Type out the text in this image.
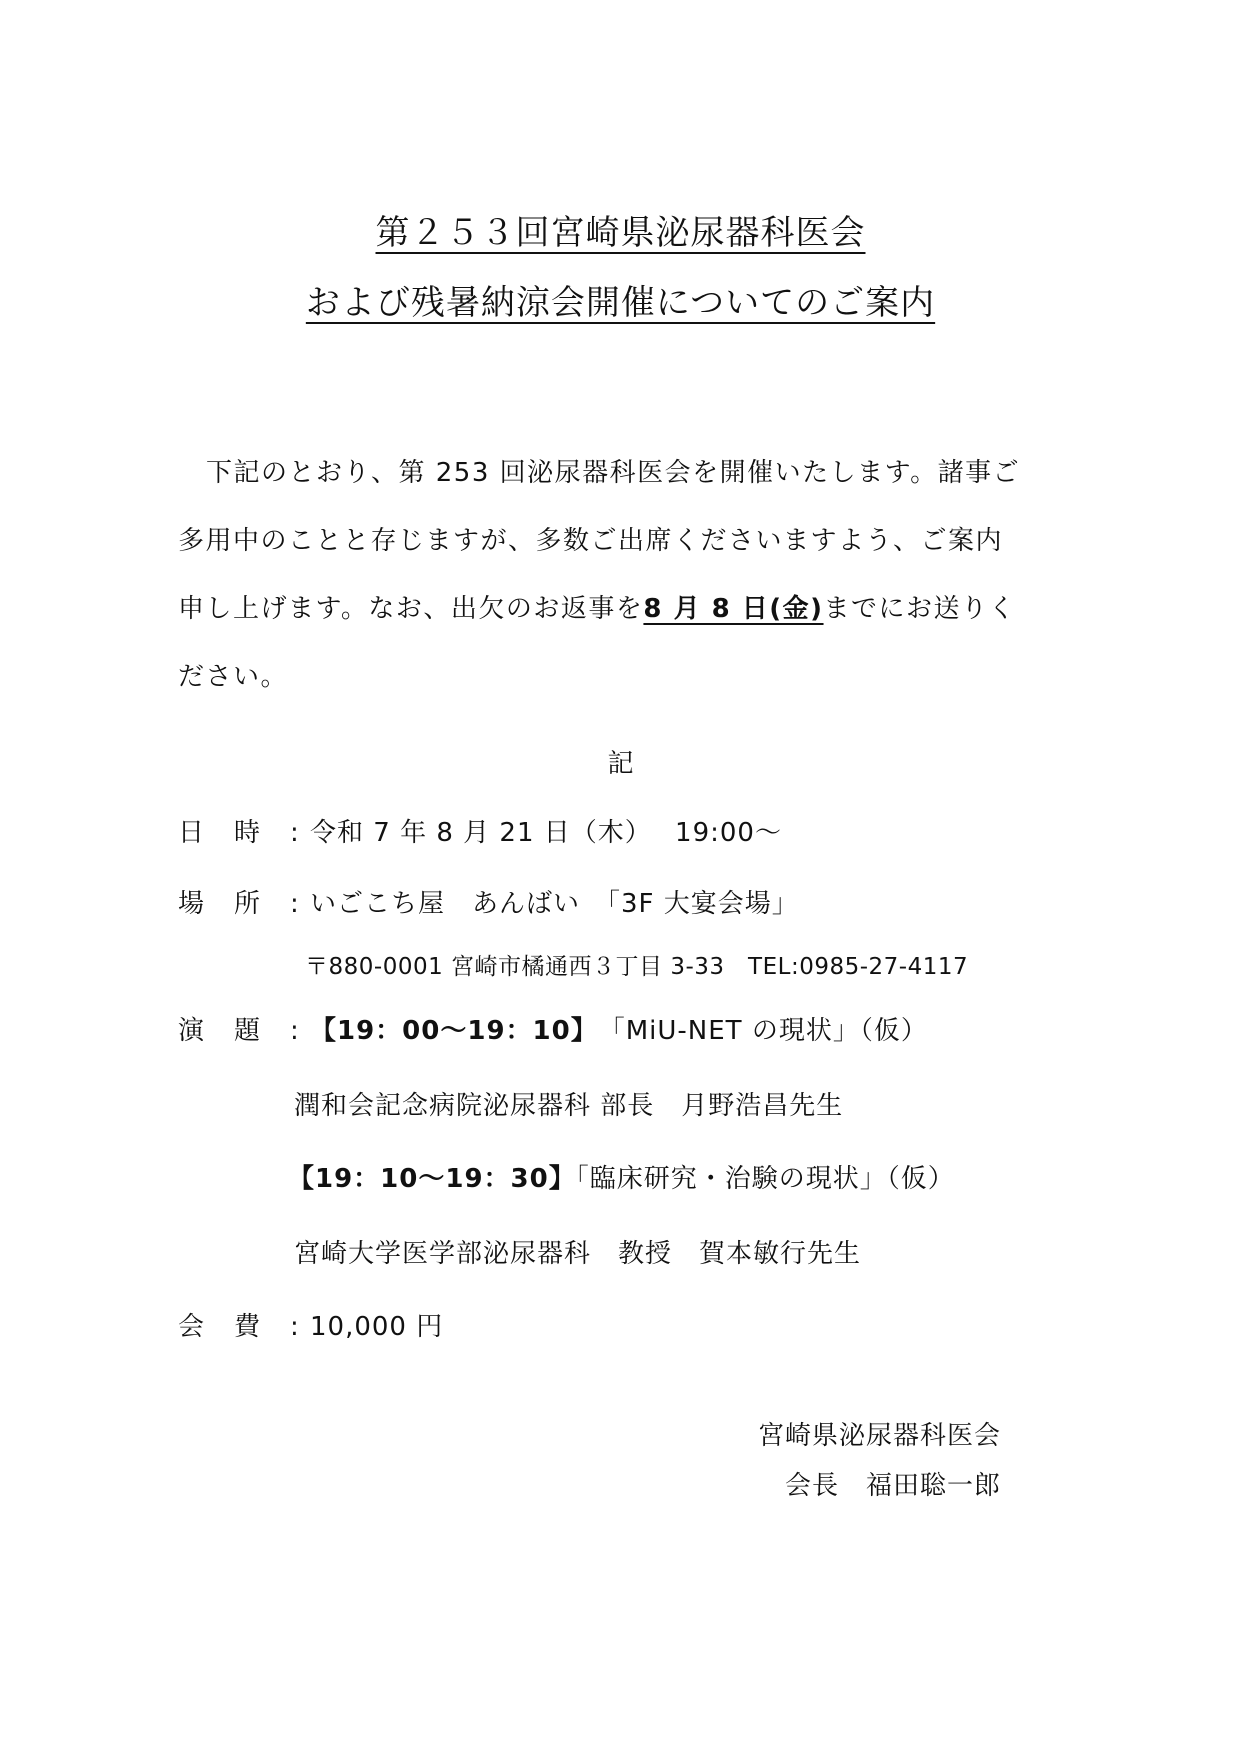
第２５３回宮崎県泌尿器科医会
および残暑納涼会開催についてのご案内
下記のとおり、第 253 回泌尿器科医会を開催いたします。諸事ご
多用中のことと存じますが、多数ご出席くださいますよう、ご案内
申し上げます。なお、出欠のお返事を8 月 8 日(金)までにお送りく
ださい。
記
日 時 : 令和 7 年 8 月 21 日（木）　 19:00～
場 所 : いごこち屋　あんばい　「3F 大宴会場」
〒880-0001 宮崎市橘通西３丁目 3-33　TEL:0985-27-4117
演 題 : 【19：00～19：10】　「MiU-NET の現状」（仮）
潤和会記念病院泌尿器科 部長　月野浩昌先生
【19：10～19：30】「臨床研究・治験の現状」（仮）
宮崎大学医学部泌尿器科　教授　賀本敏行先生
会 費 : 10,000 円
宮崎県泌尿器科医会
会長　福田聡一郎
